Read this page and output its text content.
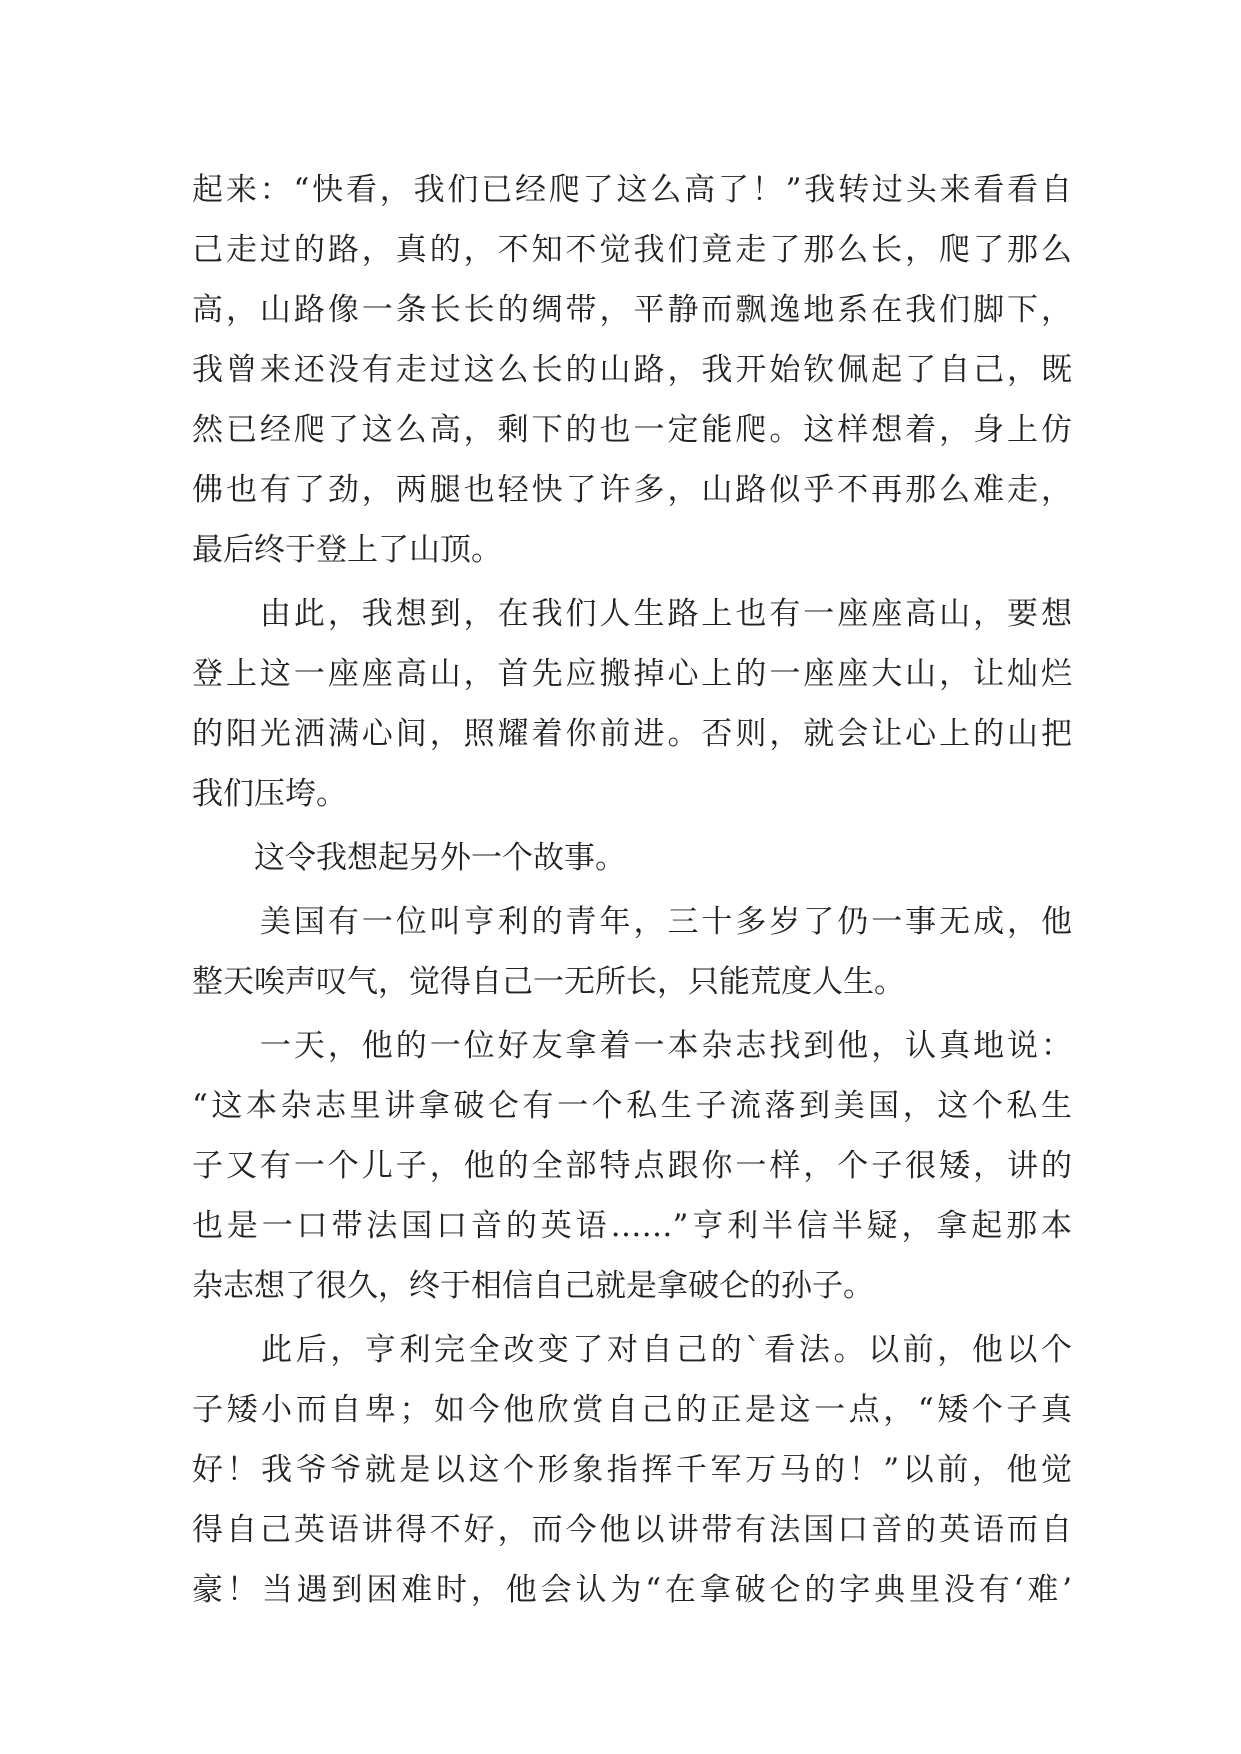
起来：“快看，我们已经爬了这么高了！”我转过头来看看自
己走过的路，真的，不知不觉我们竟走了那么长，爬了那么
高，山路像一条长长的绸带，平静而飘逸地系在我们脚下，
我曾来还没有走过这么长的山路，我开始钦佩起了自己，既
然已经爬了这么高，剩下的也一定能爬。这样想着，身上仿
佛也有了劲，两腿也轻快了许多，山路似乎不再那么难走，
最后终于登上了山顶。
　　由此，我想到，在我们人生路上也有一座座高山，要想
登上这一座座高山，首先应搬掉心上的一座座大山，让灿烂
的阳光洒满心间，照耀着你前进。否则，就会让心上的山把
我们压垮。
　　这令我想起另外一个故事。
　　美国有一位叫亨利的青年，三十多岁了仍一事无成，他
整天唉声叹气，觉得自己一无所长，只能荒度人生。
　　一天，他的一位好友拿着一本杂志找到他，认真地说：
“这本杂志里讲拿破仑有一个私生子流落到美国，这个私生
子又有一个儿子，他的全部特点跟你一样，个子很矮，讲的
也是一口带法国口音的英语……”亨利半信半疑，拿起那本
杂志想了很久，终于相信自己就是拿破仑的孙子。
　　此后，亨利完全改变了对自己的`看法。以前，他以个
子矮小而自卑；如今他欣赏自己的正是这一点，“矮个子真
好！我爷爷就是以这个形象指挥千军万马的！”以前，他觉
得自己英语讲得不好，而今他以讲带有法国口音的英语而自
豪！当遇到困难时，他会认为“在拿破仑的字典里没有‘难’
